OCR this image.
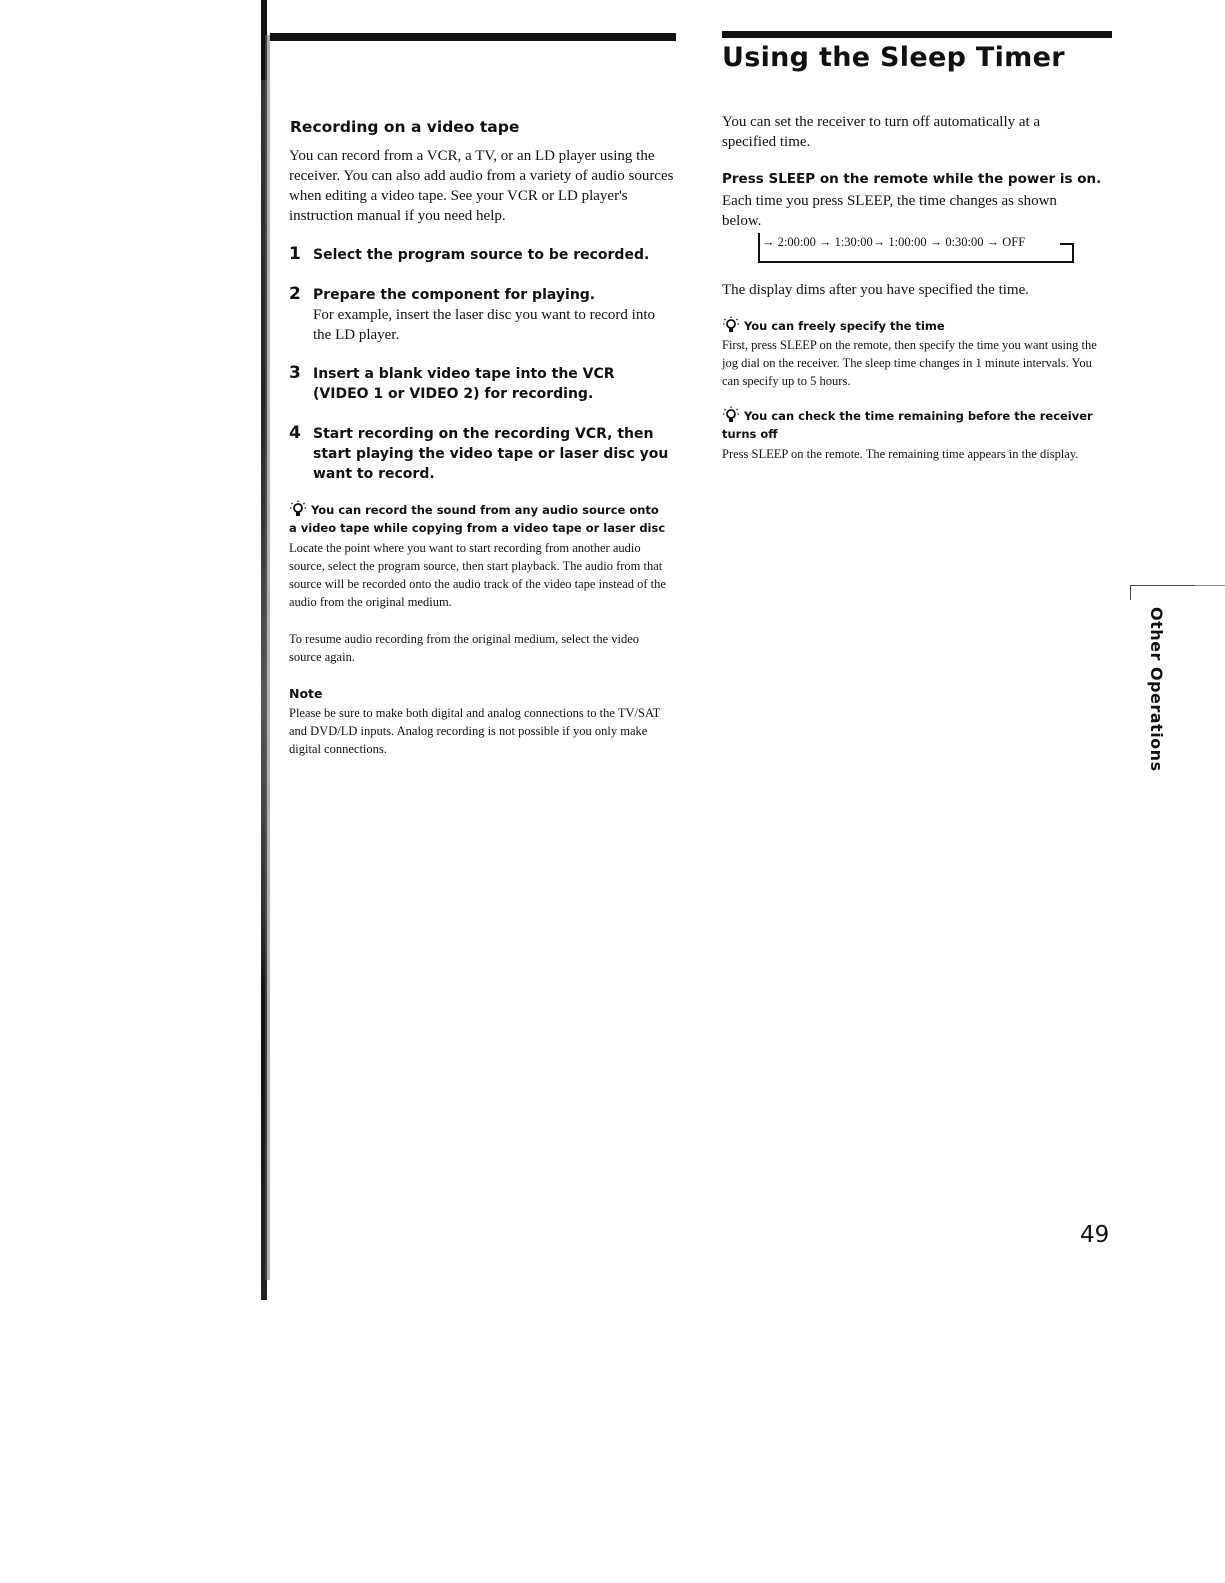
Recording on a video tape
You can record from a VCR, a TV, or an LD player using the receiver. You can also add audio from a variety of audio sources when editing a video tape. See your VCR or LD player's instruction manual if you need help.
1 Select the program source to be recorded.
2 Prepare the component for playing.
For example, insert the laser disc you want to record into the LD player.
3 Insert a blank video tape into the VCR (VIDEO 1 or VIDEO 2) for recording.
4 Start recording on the recording VCR, then start playing the video tape or laser disc you want to record.
You can record the sound from any audio source onto a video tape while copying from a video tape or laser disc
Locate the point where you want to start recording from another audio source, select the program source, then start playback. The audio from that source will be recorded onto the audio track of the video tape instead of the audio from the original medium.
To resume audio recording from the original medium, select the video source again.
Note
Please be sure to make both digital and analog connections to the TV/SAT and DVD/LD inputs. Analog recording is not possible if you only make digital connections.
Using the Sleep Timer
You can set the receiver to turn off automatically at a specified time.
Press SLEEP on the remote while the power is on.
Each time you press SLEEP, the time changes as shown below.
→ 2:00:00 → 1:30:00→ 1:00:00 → 0:30:00 → OFF
The display dims after you have specified the time.
You can freely specify the time
First, press SLEEP on the remote, then specify the time you want using the jog dial on the receiver. The sleep time changes in 1 minute intervals. You can specify up to 5 hours.
You can check the time remaining before the receiver turns off
Press SLEEP on the remote. The remaining time appears in the display.
Other Operations
49
